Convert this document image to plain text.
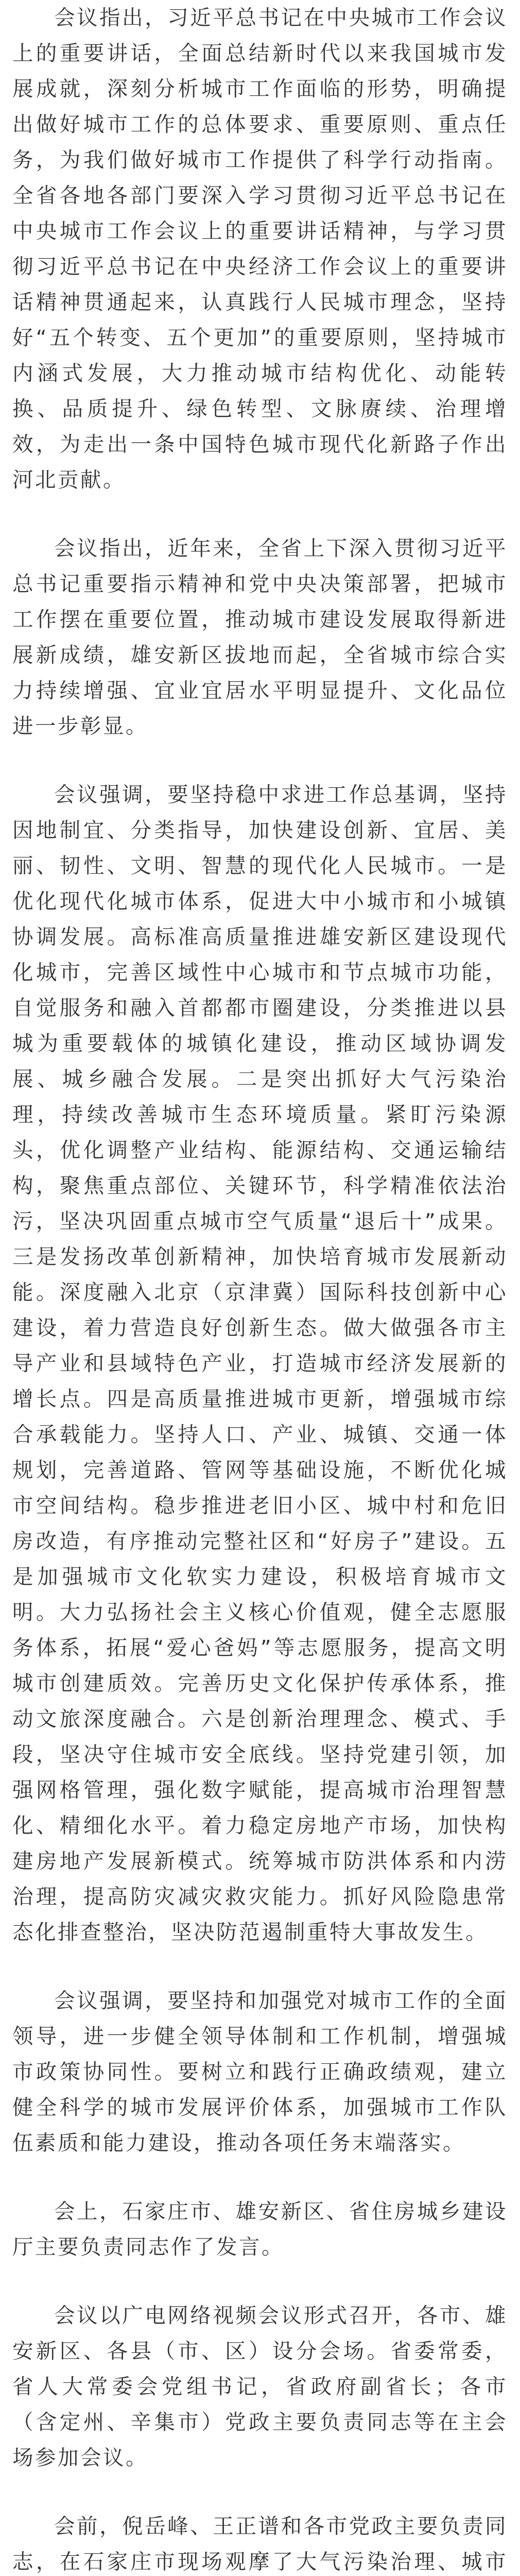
会议指出，习近平总书记在中央城市工作会议上的重要讲话，全面总结新时代以来我国城市发展成就，深刻分析城市工作面临的形势，明确提出做好城市工作的总体要求、重要原则、重点任务，为我们做好城市工作提供了科学行动指南。全省各地各部门要深入学习贯彻习近平总书记在中央城市工作会议上的重要讲话精神，与学习贯彻习近平总书记在中央经济工作会议上的重要讲话精神贯通起来，认真践行人民城市理念，坚持好“五个转变、五个更加”的重要原则，坚持城市内涵式发展，大力推动城市结构优化、动能转换、品质提升、绿色转型、文脉赓续、治理增效，为走出一条中国特色城市现代化新路子作出河北贡献。

会议指出，近年来，全省上下深入贯彻习近平总书记重要指示精神和党中央决策部署，把城市工作摆在重要位置，推动城市建设发展取得新进展新成绩，雄安新区拔地而起，全省城市综合实力持续增强、宜业宜居水平明显提升、文化品位进一步彰显。

会议强调，要坚持稳中求进工作总基调，坚持因地制宜、分类指导，加快建设创新、宜居、美丽、韧性、文明、智慧的现代化人民城市。一是优化现代化城市体系，促进大中小城市和小城镇协调发展。高标准高质量推进雄安新区建设现代化城市，完善区域性中心城市和节点城市功能，自觉服务和融入首都都市圈建设，分类推进以县城为重要载体的城镇化建设，推动区域协调发展、城乡融合发展。二是突出抓好大气污染治理，持续改善城市生态环境质量。紧盯污染源头，优化调整产业结构、能源结构、交通运输结构，聚焦重点部位、关键环节，科学精准依法治污，坚决巩固重点城市空气质量“退后十”成果。三是发扬改革创新精神，加快培育城市发展新动能。深度融入北京（京津冀）国际科技创新中心建设，着力营造良好创新生态。做大做强各市主导产业和县域特色产业，打造城市经济发展新的增长点。四是高质量推进城市更新，增强城市综合承载能力。坚持人口、产业、城镇、交通一体规划，完善道路、管网等基础设施，不断优化城市空间结构。稳步推进老旧小区、城中村和危旧房改造，有序推动完整社区和“好房子”建设。五是加强城市文化软实力建设，积极培育城市文明。大力弘扬社会主义核心价值观，健全志愿服务体系，拓展“爱心爸妈”等志愿服务，提高文明城市创建质效。完善历史文化保护传承体系，推动文旅深度融合。六是创新治理理念、模式、手段，坚决守住城市安全底线。坚持党建引领，加强网格管理，强化数字赋能，提高城市治理智慧化、精细化水平。着力稳定房地产市场，加快构建房地产发展新模式。统筹城市防洪体系和内涝治理，提高防灾减灾救灾能力。抓好风险隐患常态化排查整治，坚决防范遏制重特大事故发生。

会议强调，要坚持和加强党对城市工作的全面领导，进一步健全领导体制和工作机制，增强城市政策协同性。要树立和践行正确政绩观，建立健全科学的城市发展评价体系，加强城市工作队伍素质和能力建设，推动各项任务末端落实。

会上，石家庄市、雄安新区、省住房城乡建设厅主要负责同志作了发言。

会议以广电网络视频会议形式召开，各市、雄安新区、各县（市、区）设分会场。省委常委，省人大常委会党组书记，省政府副省长；各市（含定州、辛集市）党政主要负责同志等在主会场参加会议。

会前，倪岳峰、王正谱和各市党政主要负责同志，在石家庄市现场观摩了大气污染治理、城市
